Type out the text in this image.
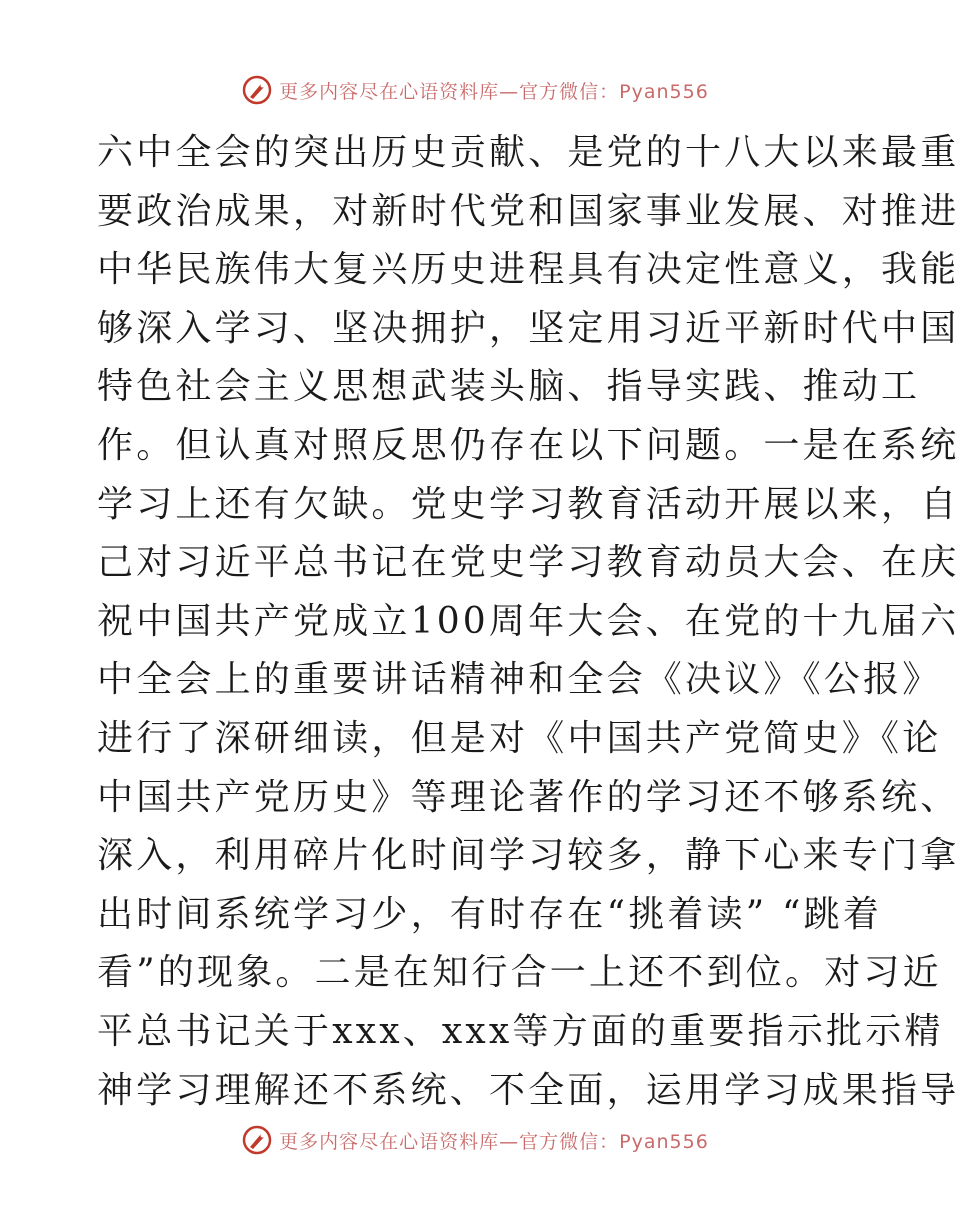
更多内容尽在心语资料库—官方微信：Pyan556
六中全会的突出历史贡献、是党的十八大以来最重
要政治成果，对新时代党和国家事业发展、对推进
中华民族伟大复兴历史进程具有决定性意义，我能
够深入学习、坚决拥护，坚定用习近平新时代中国
特色社会主义思想武装头脑、指导实践、推动工
作。但认真对照反思仍存在以下问题。一是在系统
学习上还有欠缺。党史学习教育活动开展以来，自
己对习近平总书记在党史学习教育动员大会、在庆
祝中国共产党成立100周年大会、在党的十九届六
中全会上的重要讲话精神和全会《决议》《公报》
进行了深研细读，但是对《中国共产党简史》《论
中国共产党历史》等理论著作的学习还不够系统、
深入，利用碎片化时间学习较多，静下心来专门拿
出时间系统学习少，有时存在“挑着读” “跳着
看”的现象。二是在知行合一上还不到位。对习近
平总书记关于xxx、xxx等方面的重要指示批示精
神学习理解还不系统、不全面，运用学习成果指导
更多内容尽在心语资料库—官方微信：Pyan556
